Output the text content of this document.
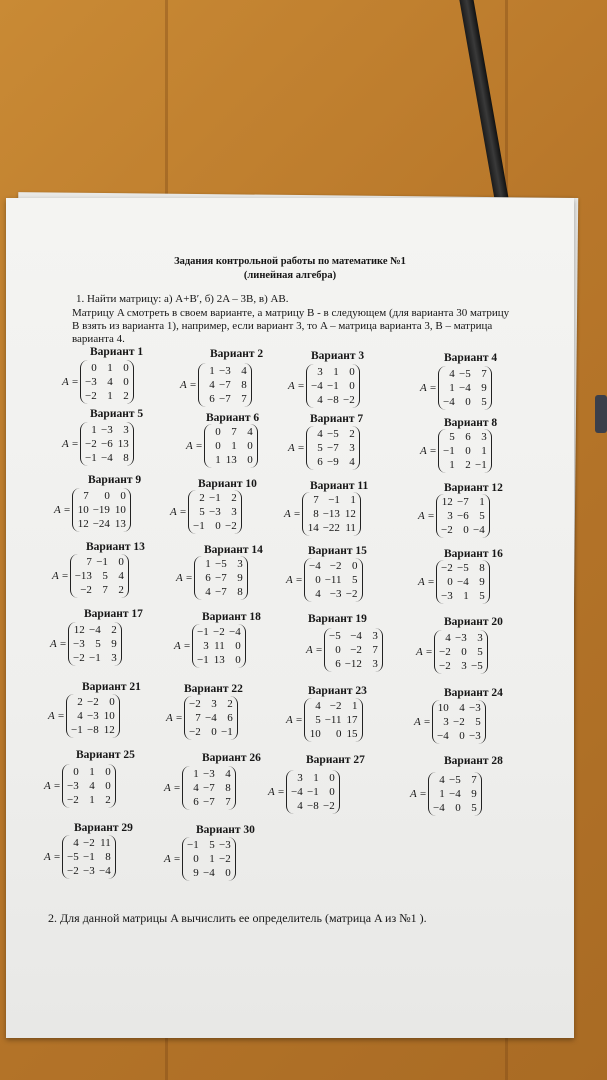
Задания контрольной работы по математике №1
(линейная алгебра)
1. Найти матрицу: а) A+B′, б) 2A – 3B, в) AB.
Матрицу A смотреть в своем варианте, а матрицу B - в следующем (для варианта 30 матрицу
B взять из варианта 1), например, если вариант 3, то A – матрица варианта 3, B – матрица
варианта 4.
2. Для данной матрицы A вычислить ее определитель (матрица A из №1 ).
Вариант 1
A =
0 1 0
−3 4 0
−2 1 2
Вариант 2
A =
1 −3 4
4 −7 8
6 −7 7
Вариант 3
A =
3 1 0
−4 −1 0
4 −8 −2
Вариант 4
A =
4 −5 7
1 −4 9
−4 0 5
Вариант 5
A =
1 −3 3
−2 −6 13
−1 −4 8
Вариант 6
A =
0 7 4
0 1 0
1 13 0
Вариант 7
A =
4 −5 2
5 −7 3
6 −9 4
Вариант 8
A =
5 6 3
−1 0 1
1 2 −1
Вариант 9
A =
7	0 0
10 −19 10
12 −24 13
Вариант 10
A =
2 −1 2
5 −3 3
−1 0 −2
Вариант 11
A =
7 −1 1
8 −13 12
14 −22 11
Вариант 12
A =
12 −7 1
3 −6 5
−2 0 −4
Вариант 13
A =
7 −1 0
−13 5 4
−2 7 2
Вариант 14
A =
1 −5 3
6 −7 9
4 −7 8
Вариант 15
A =
−4 −2 0
0 −11 5
4 −3 −2
Вариант 16
A =
−2 −5 8
0 −4 9
−3 1 5
Вариант 17
A =
12 −4 2
−3 5 9
−2 −1 3
Вариант 18
A =
−1 −2 −4
3 11 0
−1 13 0
Вариант 19
A =
−5 −4 3
0 −2 7
6 −12 3
Вариант 20
A =
4 −3 3
−2 0 5
−2 3 −5
Вариант 21
A =
2 −2 0
4 −3 10
−1 −8 12
Вариант 22
A =
−2 3 2
7 −4 6
−2 0 −1
Вариант 23
A =
4 −2 1
5 −11 17
10	0 15
Вариант 24
A =
10 4 −3
3 −2 5
−4 0 −3
Вариант 25
A =
0 1 0
−3 4 0
−2 1 2
Вариант 26
A =
1 −3 4
4 −7 8
6 −7 7
Вариант 27
A =
3 1 0
−4 −1 0
4 −8 −2
Вариант 28
A =
4 −5 7
1 −4 9
−4 0 5
Вариант 29
A =
4 −2 11
−5 −1 8
−2 −3 −4
Вариант 30
A =
−1 5 −3
0 1 −2
9 −4 0
